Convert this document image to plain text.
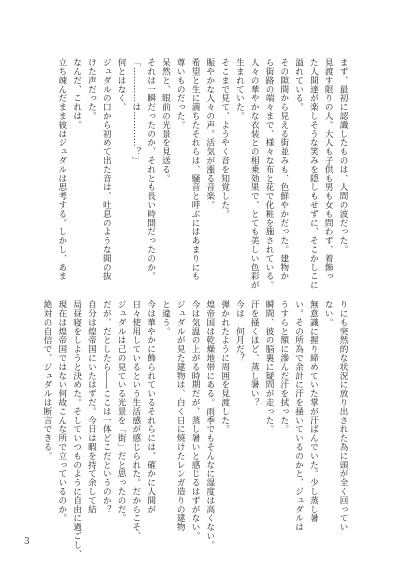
まず、最初に認識したものは、人間の波だった。
見渡す限りの人。大人も子供も男も女も問わず、着飾っ
た人間達が楽しそうな笑みを隠しもせずに、そこかしこに
溢れている。
その隙間から見える街並みも、色鮮やかだった。建物か
ら街路の端々まで、様々な布と花で化粧を施されている。
人々の華やかな衣装との相乗効果で、とても美しい色彩が
生まれていた。
そこまで見て、ようやく音を知覚した。
賑やかな人々の声。活気が漲る音楽。
希望と生に満ちたそれらは、騒音と呼ぶにはあまりにも
尊いものだった。
呆然と、眼前の光景を見送る。
それは一瞬だったのか、それとも長い時間だったのか。
「…………は…………？」
何とはなく、
ジュダルの口から初めて出た音は、吐息のような間の抜
けた声だった。
なんだ、これは。
立ち竦んだまま彼はジュダルは思考する。しかし、あま
りにも突然的な状況に放り出された為に頭が全く回ってい
ない。
無意識に握り締めていた掌が汗ばんでいた。少し蒸し暑
い。その所為で余計に汗を掻いているのかと、ジュダルは
うすらと額に滲んだ汗を拭った。
瞬間、彼の脳裏に疑問が走った。
汗を掻くほど、蒸し暑い？
今は　何月だ？
弾かれたように周囲を見渡した。
煌帝国は乾燥地帯にある。雨季でもそんなに湿度は高くない。
今は気温の上がる時期だが、蒸し暑いと感じるはずがない。
ジュダルが見た建物は、白く日に焼けたレンガ造りの建物
と違う。
今は華やかに飾られているそれらには、確かに人間が
日々使用しているという生活感が感じられた。だからこそ、
ジュダルは己の見ている光景を「街」だと思ったのだ。
だが、だとしたら――ここは一体どこだというのか？
自分は煌帝国にいたはずだ。今日は暇を持て余して結
局昼寝をしようと決めた。そしていつものように自由に過ごし、
現在は煌帝国ではない何故こんな所で立っているのか。
絶対の自信で、ジュダルは断言できる。
3
